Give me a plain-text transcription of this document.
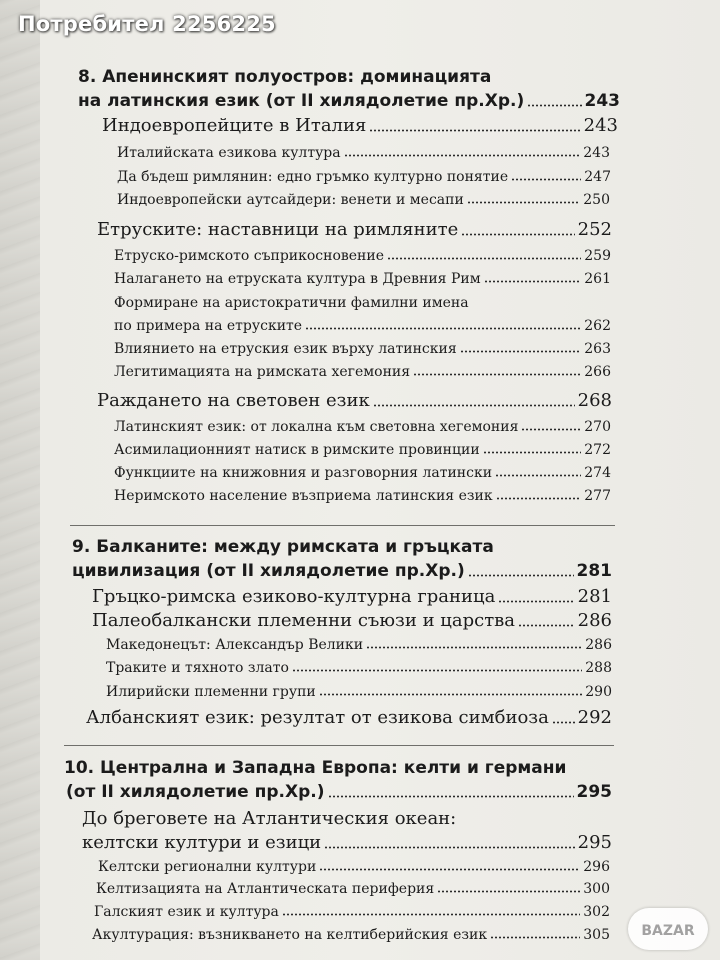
8. Апенинският полуостров: доминацията
на латинския език (от II хилядолетие пр.Хр.)	243
Индоевропейците в Италия	243
Италийската езикова култура	243
Да бъдеш римлянин: едно гръмко културно понятие	247
Индоевропейски аутсайдери: венети и месапи	250
Етруските: наставници на римляните	252
Етруско-римското съприкосновение	259
Налагането на етруската култура в Древния Рим	261
Формиране на аристократични фамилни имена
по примера на етруските	262
Влиянието на етруския език върху латинския	263
Легитимацията на римската хегемония	266
Раждането на световен език	268
Латинският език: от локална към световна хегемония	270
Асимилационният натиск в римските провинции	272
Функциите на книжовния и разговорния латински	274
Неримското население възприема латинския език	277
9. Балканите: между римската и гръцката
цивилизация (от II хилядолетие пр.Хр.)	281
Гръцко-римска езиково-културна граница	281
Палеобалкански племенни съюзи и царства	286
Македонецът: Александър Велики	286
Траките и тяхното злато	288
Илирийски племенни групи	290
Албанският език: резултат от езикова симбиоза 292
10. Централна и Западна Европа: келти и германи
(от II хилядолетие пр.Хр.)	295
До бреговете на Атлантическия океан:
келтски култури и езици	295
Келтски регионални култури	296
Келтизацията на Атлантическата периферия	300
Галският език и култура	302
Акултурация: възникването на келтиберийския език	305
Потребител 2256225
BAZAR
